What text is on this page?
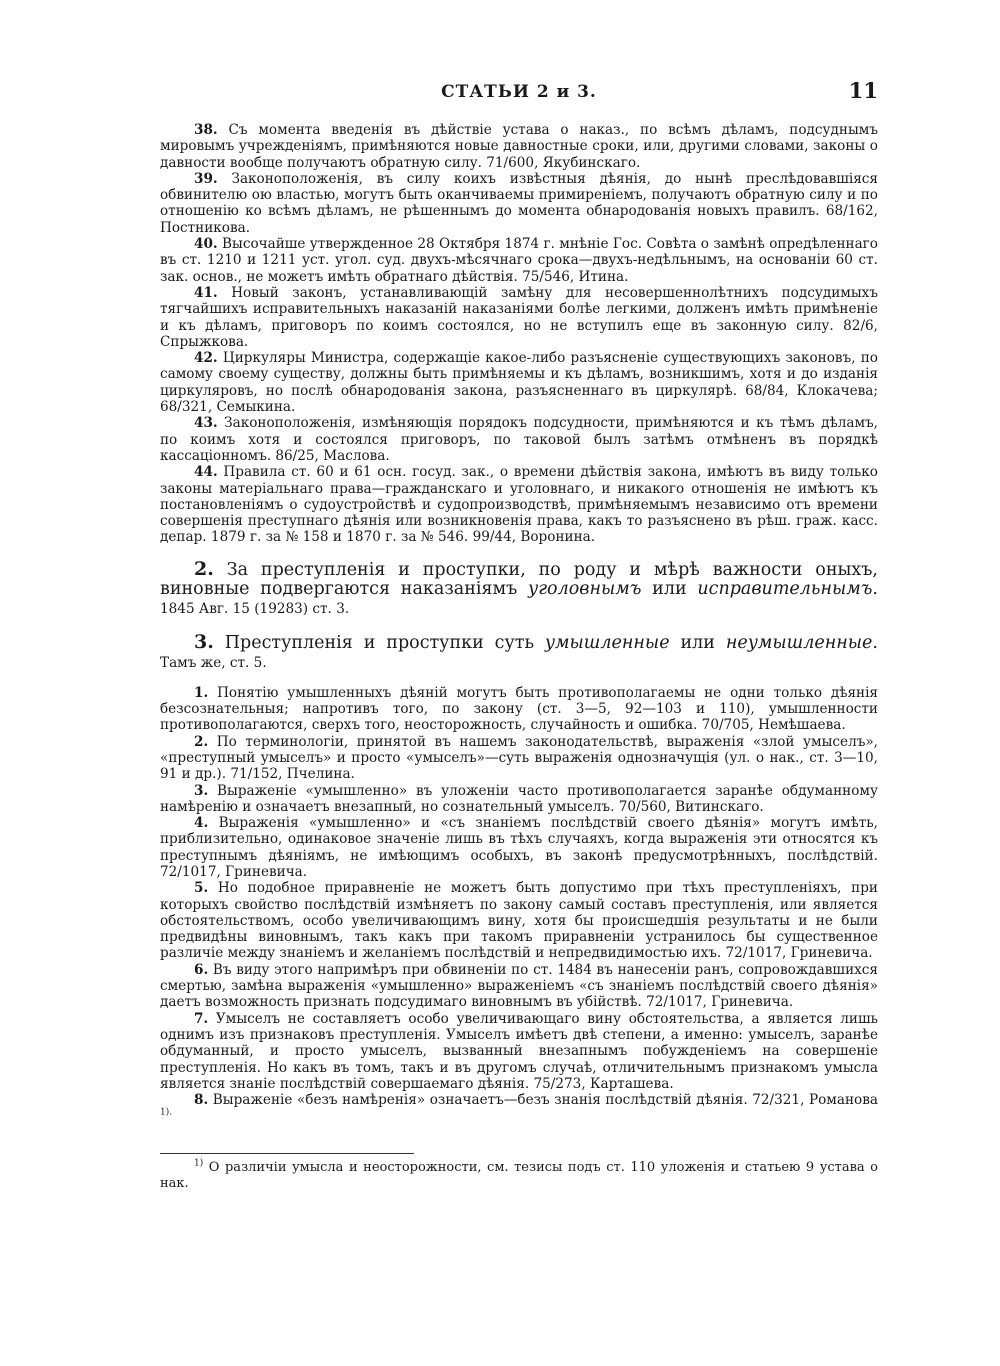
СТАТЬИ 2 и 3.	11

38. Съ момента введенія въ дѣйствіе устава о наказ., по всѣмъ дѣламъ, подсуднымъ мировымъ учрежденіямъ, примѣняются новые давностные сроки, или, другими словами, законы о давности вообще получаютъ обратную силу. 71/600, Якубинскаго.

39. Законоположенія, въ силу коихъ извѣстныя дѣянія, до нынѣ преслѣдовавшіяся обвинителю ою властью, могутъ быть оканчиваемы примиреніемъ, получаютъ обратную силу и по отношенію ко всѣмъ дѣламъ, не рѣшеннымъ до момента обнародованія новыхъ правилъ. 68/162, Постникова.

40. Высочайше утвержденное 28 Октября 1874 г. мнѣніе Гос. Совѣта о замѣнѣ опредѣленнаго въ ст. 1210 и 1211 уст. угол. суд. двухъ-мѣсячнаго срока—двухъ-недѣльнымъ, на основаніи 60 ст. зак. основ., не можетъ имѣть обратнаго дѣйствія. 75/546, Итина.

41. Новый законъ, устанавливающій замѣну для несовершеннолѣтнихъ подсудимыхъ тягчайшихъ исправительныхъ наказаній наказаніями болѣе легкими, долженъ имѣть примѣненіе и къ дѣламъ, приговоръ по коимъ состоялся, но не вступилъ еще въ законную силу. 82/6, Спрыжкова.

42. Циркуляры Министра, содержащіе какое-либо разъясненіе существующихъ законовъ, по самому своему существу, должны быть примѣняемы и къ дѣламъ, возникшимъ, хотя и до изданія циркуляровъ, но послѣ обнародованія закона, разъясненнаго въ циркулярѣ. 68/84, Клокачева; 68/321, Семыкина.

43. Законоположенія, измѣняющія порядокъ подсудности, примѣняются и къ тѣмъ дѣламъ, по коимъ хотя и состоялся приговоръ, по таковой былъ затѣмъ отмѣненъ въ порядкѣ кассаціонномъ. 86/25, Маслова.

44. Правила ст. 60 и 61 осн. госуд. зак., о времени дѣйствія закона, имѣютъ въ виду только законы матеріальнаго права—гражданскаго и уголовнаго, и никакого отношенія не имѣютъ къ постановленіямъ о судоустройствѣ и судопроизводствѣ, примѣняемымъ независимо отъ времени совершенія преступнаго дѣянія или возникновенія права, какъ то разъяснено въ рѣш. граж. касс. депар. 1879 г. за № 158 и 1870 г. за № 546. 99/44, Воронина.

2. За преступленія и проступки, по роду и мѣрѣ важности оныхъ, виновные подвергаются наказаніямъ уголовнымъ или исправительнымъ. 1845 Авг. 15 (19283) ст. 3.

3. Преступленія и проступки суть умышленные или неумышленные. Тамъ же, ст. 5.

1. Понятію умышленныхъ дѣяній могутъ быть противополагаемы не одни только дѣянія безсознательныя; напротивъ того, по закону (ст. 3—5, 92—103 и 110), умышленности противополагаются, сверхъ того, неосторожность, случайность и ошибка. 70/705, Немѣшаева.

2. По терминологіи, принятой въ нашемъ законодательствѣ, выраженія «злой умыселъ», «преступный умыселъ» и просто «умыселъ»—суть выраженія однозначущія (ул. о нак., ст. 3—10, 91 и др.). 71/152, Пчелина.

3. Выраженіе «умышленно» въ уложеніи часто противополагается заранѣе обдуманному намѣренію и означаетъ внезапный, но сознательный умыселъ. 70/560, Витинскаго.

4. Выраженія «умышленно» и «съ знаніемъ послѣдствій своего дѣянія» могутъ имѣть, приблизительно, одинаковое значеніе лишь въ тѣхъ случаяхъ, когда выраженія эти относятся къ преступнымъ дѣяніямъ, не имѣющимъ особыхъ, въ законѣ предусмотрѣнныхъ, послѣдствій. 72/1017, Гриневича.

5. Но подобное приравненіе не можетъ быть допустимо при тѣхъ преступленіяхъ, при которыхъ свойство послѣдствій измѣняетъ по закону самый составъ преступленія, или является обстоятельствомъ, особо увеличивающимъ вину, хотя бы происшедшія результаты и не были предвидѣны виновнымъ, такъ какъ при такомъ приравненіи устранилось бы существенное различіе между знаніемъ и желаніемъ послѣдствій и непредвидимостью ихъ. 72/1017, Гриневича.

6. Въ виду этого напримѣръ при обвиненіи по ст. 1484 въ нанесеніи ранъ, сопровождавшихся смертью, замѣна выраженія «умышленно» выраженіемъ «съ знаніемъ послѣдствій своего дѣянія» даетъ возможность признать подсудимаго виновнымъ въ убійствѣ. 72/1017, Гриневича.

7. Умыселъ не составляетъ особо увеличивающаго вину обстоятельства, а является лишь однимъ изъ признаковъ преступленія. Умыселъ имѣетъ двѣ степени, а именно: умыселъ, заранѣе обдуманный, и просто умыселъ, вызванный внезапнымъ побужденіемъ на совершеніе преступленія. Но какъ въ томъ, такъ и въ другомъ случаѣ, отличительнымъ признакомъ умысла является знаніе послѣдствій совершаемаго дѣянія. 75/273, Карташева.

8. Выраженіе «безъ намѣренія» означаетъ—безъ знанія послѣдствій дѣянія. 72/321, Романова $^{1).}$

$^{1)}$ О различіи умысла и неосторожности, см. тезисы подъ ст. 110 уложенія и статьею 9 устава о нак.
